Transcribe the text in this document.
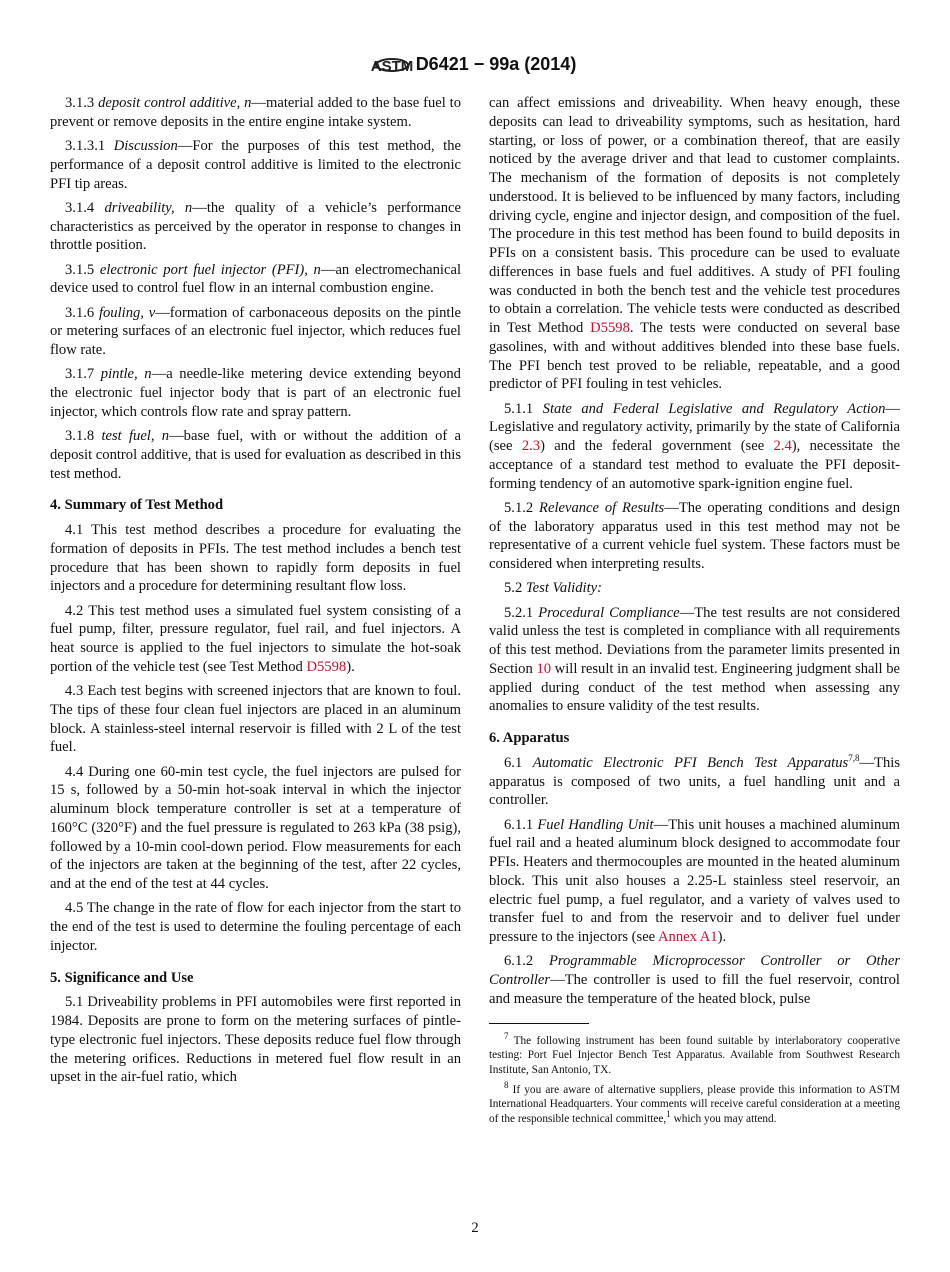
ASTM D6421 − 99a (2014)

3.1.3 deposit control additive, n—material added to the base fuel to prevent or remove deposits in the entire engine intake system.

3.1.3.1 Discussion—For the purposes of this test method, the performance of a deposit control additive is limited to the electronic PFI tip areas.

3.1.4 driveability, n—the quality of a vehicle’s performance characteristics as perceived by the operator in response to changes in throttle position.

3.1.5 electronic port fuel injector (PFI), n—an electromechanical device used to control fuel flow in an internal combustion engine.

3.1.6 fouling, v—formation of carbonaceous deposits on the pintle or metering surfaces of an electronic fuel injector, which reduces fuel flow rate.

3.1.7 pintle, n—a needle-like metering device extending beyond the electronic fuel injector body that is part of an electronic fuel injector, which controls flow rate and spray pattern.

3.1.8 test fuel, n—base fuel, with or without the addition of a deposit control additive, that is used for evaluation as described in this test method.

4. Summary of Test Method

4.1 This test method describes a procedure for evaluating the formation of deposits in PFIs. The test method includes a bench test procedure that has been shown to rapidly form deposits in fuel injectors and a procedure for determining resultant flow loss.

4.2 This test method uses a simulated fuel system consisting of a fuel pump, filter, pressure regulator, fuel rail, and fuel injectors. A heat source is applied to the fuel injectors to simulate the hot-soak portion of the vehicle test (see Test Method D5598).

4.3 Each test begins with screened injectors that are known to foul. The tips of these four clean fuel injectors are placed in an aluminum block. A stainless-steel internal reservoir is filled with 2 L of the test fuel.

4.4 During one 60-min test cycle, the fuel injectors are pulsed for 15 s, followed by a 50-min hot-soak interval in which the injector aluminum block temperature controller is set at a temperature of 160°C (320°F) and the fuel pressure is regulated to 263 kPa (38 psig), followed by a 10-min cool-down period. Flow measurements for each of the injectors are taken at the beginning of the test, after 22 cycles, and at the end of the test at 44 cycles.

4.5 The change in the rate of flow for each injector from the start to the end of the test is used to determine the fouling percentage of each injector.

5. Significance and Use

5.1 Driveability problems in PFI automobiles were first reported in 1984. Deposits are prone to form on the metering surfaces of pintle-type electronic fuel injectors. These deposits reduce fuel flow through the metering orifices. Reductions in metered fuel flow result in an upset in the air-fuel ratio, which

can affect emissions and driveability. When heavy enough, these deposits can lead to driveability symptoms, such as hesitation, hard starting, or loss of power, or a combination thereof, that are easily noticed by the average driver and that lead to customer complaints. The mechanism of the formation of deposits is not completely understood. It is believed to be influenced by many factors, including driving cycle, engine and injector design, and composition of the fuel. The procedure in this test method has been found to build deposits in PFIs on a consistent basis. This procedure can be used to evaluate differences in base fuels and fuel additives. A study of PFI fouling was conducted in both the bench test and the vehicle test procedures to obtain a correlation. The vehicle tests were conducted as described in Test Method D5598. The tests were conducted on several base gasolines, with and without additives blended into these base fuels. The PFI bench test proved to be reliable, repeatable, and a good predictor of PFI fouling in test vehicles.

5.1.1 State and Federal Legislative and Regulatory Action—Legislative and regulatory activity, primarily by the state of California (see 2.3) and the federal government (see 2.4), necessitate the acceptance of a standard test method to evaluate the PFI deposit-forming tendency of an automotive spark-ignition engine fuel.

5.1.2 Relevance of Results—The operating conditions and design of the laboratory apparatus used in this test method may not be representative of a current vehicle fuel system. These factors must be considered when interpreting results.

5.2 Test Validity:

5.2.1 Procedural Compliance—The test results are not considered valid unless the test is completed in compliance with all requirements of this test method. Deviations from the parameter limits presented in Section 10 will result in an invalid test. Engineering judgment shall be applied during conduct of the test method when assessing any anomalies to ensure validity of the test results.

6. Apparatus

6.1 Automatic Electronic PFI Bench Test Apparatus$^{7,8}$—This apparatus is composed of two units, a fuel handling unit and a controller.

6.1.1 Fuel Handling Unit—This unit houses a machined aluminum fuel rail and a heated aluminum block designed to accommodate four PFIs. Heaters and thermocouples are mounted in the heated aluminum block. This unit also houses a 2.25-L stainless steel reservoir, an electric fuel pump, a fuel regulator, and a variety of valves used to transfer fuel to and from the reservoir and to deliver fuel under pressure to the injectors (see Annex A1).

6.1.2 Programmable Microprocessor Controller or Other Controller—The controller is used to fill the fuel reservoir, control and measure the temperature of the heated block, pulse

$^7$ The following instrument has been found suitable by interlaboratory cooperative testing: Port Fuel Injector Bench Test Apparatus. Available from Southwest Research Institute, San Antonio, TX.

$^8$ If you are aware of alternative suppliers, please provide this information to ASTM International Headquarters. Your comments will receive careful consideration at a meeting of the responsible technical committee,$^1$ which you may attend.

2
